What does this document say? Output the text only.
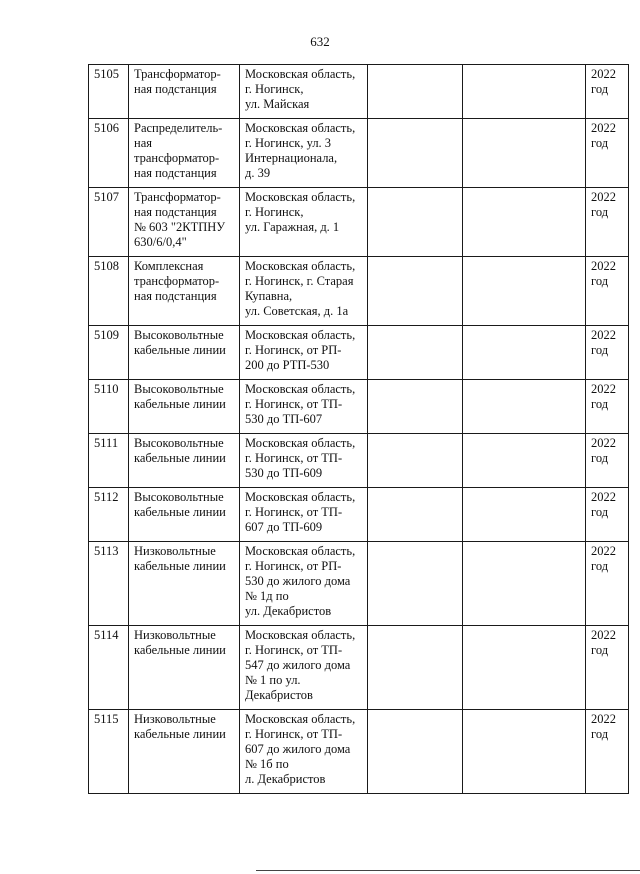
632
5105	Трансформатор-
ная подстанция	Московская область,
г. Ногинск,
ул. Майская			2022
год
5106	Распределитель-
ная
трансформатор-
ная подстанция	Московская область,
г. Ногинск, ул. 3
Интернационала,
д. 39			2022
год
5107	Трансформатор-
ная подстанция
№ 603 "2КТПНУ
630/6/0,4"	Московская область,
г. Ногинск,
ул. Гаражная, д. 1			2022
год
5108	Комплексная
трансформатор-
ная подстанция	Московская область,
г. Ногинск, г. Старая
Купавна,
ул. Советская, д. 1а			2022
год
5109	Высоковольтные
кабельные линии	Московская область,
г. Ногинск, от РП-
200 до РТП-530			2022
год
5110	Высоковольтные
кабельные линии	Московская область,
г. Ногинск, от ТП-
530 до ТП-607			2022
год
5111	Высоковольтные
кабельные линии	Московская область,
г. Ногинск, от ТП-
530 до ТП-609			2022
год
5112	Высоковольтные
кабельные линии	Московская область,
г. Ногинск, от ТП-
607 до ТП-609			2022
год
5113	Низковольтные
кабельные линии	Московская область,
г. Ногинск, от РП-
530 до жилого дома
№ 1д по
ул. Декабристов			2022
год
5114	Низковольтные
кабельные линии	Московская область,
г. Ногинск, от ТП-
547 до жилого дома
№ 1 по ул.
Декабристов			2022
год
5115	Низковольтные
кабельные линии	Московская область,
г. Ногинск, от ТП-
607 до жилого дома
№ 1б по
л. Декабристов			2022
год
